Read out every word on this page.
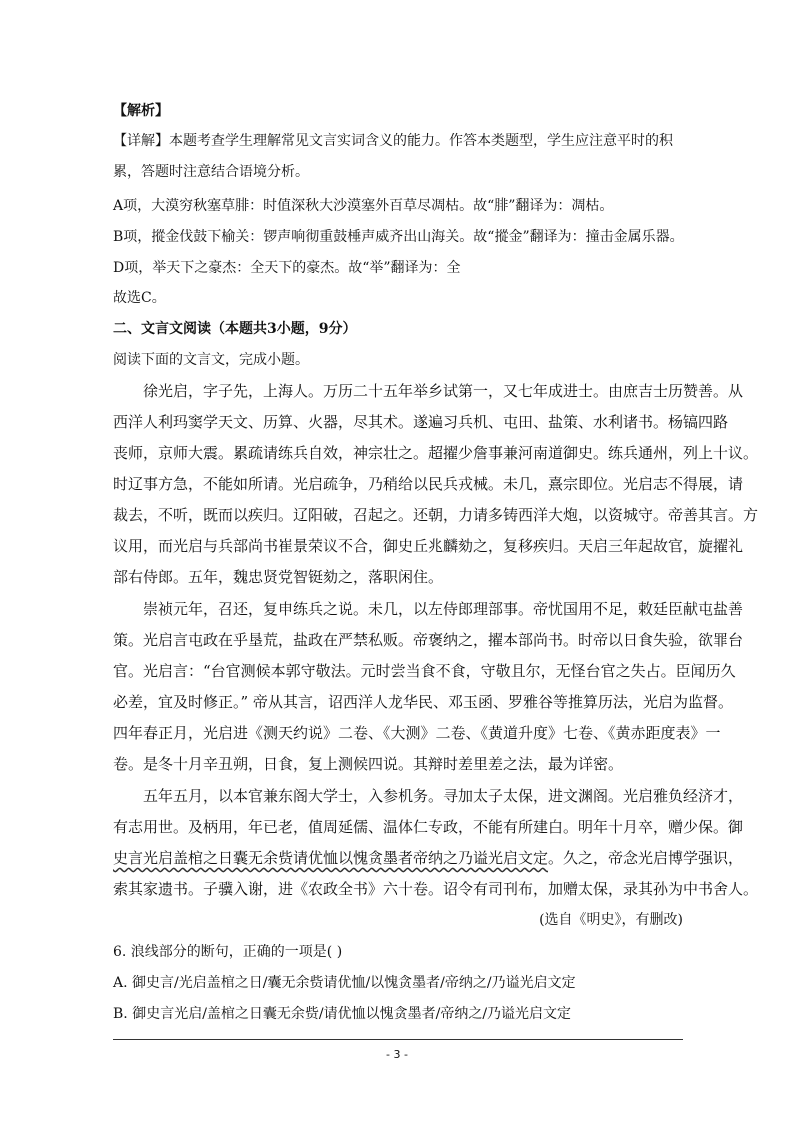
【解析】
【详解】本题考查学生理解常见文言实词含义的能力。作答本类题型，学生应注意平时的积
累，答题时注意结合语境分析。
A项，大漠穷秋塞草腓：时值深秋大沙漠塞外百草尽凋枯。故“腓”翻译为：凋枯。
B项，摐金伐鼓下榆关：锣声响彻重鼓棰声威齐出山海关。故“摐金”翻译为：撞击金属乐器。
D项，举天下之豪杰：全天下的豪杰。故“举”翻译为：全
故选C。
二、文言文阅读（本题共3小题，9分）
阅读下面的文言文，完成小题。
徐光启，字子先，上海人。万历二十五年举乡试第一，又七年成进士。由庶吉士历赞善。从
西洋人利玛窦学天文、历算、火器，尽其术。遂遍习兵机、屯田、盐策、水利诸书。杨镐四路
丧师，京师大震。累疏请练兵自效，神宗壮之。超擢少詹事兼河南道御史。练兵通州，列上十议。
时辽事方急，不能如所请。光启疏争，乃稍给以民兵戎械。未几，熹宗即位。光启志不得展，请
裁去，不听，既而以疾归。辽阳破，召起之。还朝，力请多铸西洋大炮，以资城守。帝善其言。方
议用，而光启与兵部尚书崔景荣议不合，御史丘兆麟劾之，复移疾归。天启三年起故官，旋擢礼
部右侍郎。五年，魏忠贤党智铤劾之，落职闲住。
崇祯元年，召还，复申练兵之说。未几，以左侍郎理部事。帝忧国用不足，敕廷臣献屯盐善
策。光启言屯政在乎垦荒，盐政在严禁私贩。帝褒纳之，擢本部尚书。时帝以日食失验，欲罪台
官。光启言：“台官测候本郭守敬法。元时尝当食不食，守敬且尔，无怪台官之失占。臣闻历久
必差，宜及时修正。” 帝从其言，诏西洋人龙华民、邓玉函、罗雅谷等推算历法，光启为监督。
四年春正月，光启进《测天约说》二卷、《大测》二卷、《黄道升度》七卷、《黄赤距度表》一
卷。是冬十月辛丑朔，日食，复上测候四说。其辩时差里差之法，最为详密。
五年五月，以本官兼东阁大学士，入参机务。寻加太子太保，进文渊阁。光启雅负经济才，
有志用世。及柄用，年已老，值周延儒、温体仁专政，不能有所建白。明年十月卒，赠少保。御
史言光启盖棺之日囊无余赀请优恤以愧贪墨者帝纳之乃谥光启文定。久之，帝念光启博学强识，
索其家遗书。子骥入谢，进《农政全书》六十卷。诏令有司刊布，加赠太保，录其孙为中书舍人。
(选自《明史》，有删改)
6. 浪线部分的断句，正确的一项是( )
A. 御史言/光启盖棺之日/囊无余赀请优恤/以愧贪墨者/帝纳之/乃谥光启文定
B. 御史言光启/盖棺之日囊无余赀/请优恤以愧贪墨者/帝纳之/乃谥光启文定
- 3 -
